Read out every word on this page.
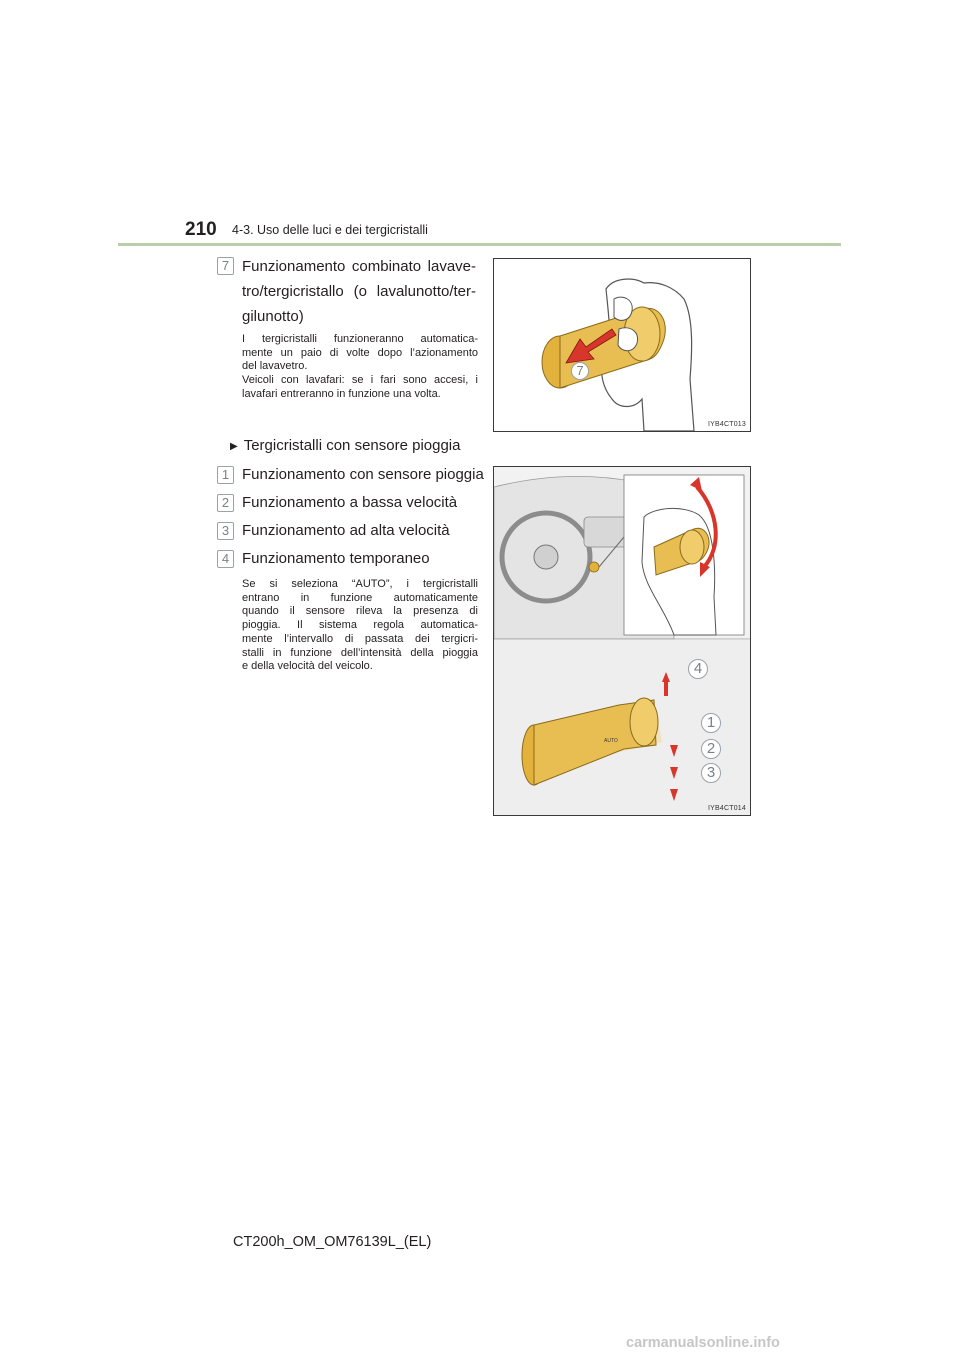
210 4-3. Uso delle luci e dei tergicristalli
7 Funzionamento combinato lavave-
tro/tergicristallo (o lavalunotto/ter-
gilunotto)

I tergicristalli funzioneranno automatica-

mente un paio di volte dopo l’azionamento

del lavavetro.

Veicoli con lavafari: se i fari sono accesi, i

lavafari entreranno in funzione una volta.

7
IYB4CT013
▶ Tergicristalli con sensore pioggia
1 Funzionamento con sensore pioggia
2 Funzionamento a bassa velocità
3 Funzionamento ad alta velocità
4 Funzionamento temporaneo

Se si seleziona “AUTO”, i tergicristalli

entrano in funzione automaticamente

quando il sensore rileva la presenza di

pioggia. Il sistema regola automatica-

mente l’intervallo di passata dei tergicri-

stalli in funzione dell’intensità della pioggia

e della velocità del veicolo.

AUTO
4
1
2
3
IYB4CT014
CT200h_OM_OM76139L_(EL)
carmanualsonline.info
